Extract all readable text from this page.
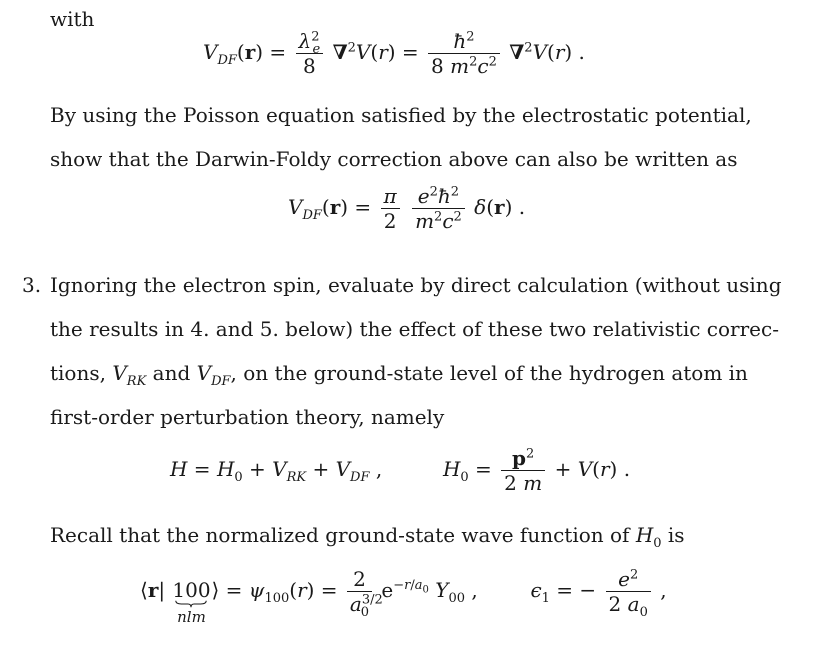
with
$V_{DF}(r) = \frac{\lambda^2_e}{8} \nabla^2V(r) = \frac{ħ^2}{8 m^2c^2} \nabla^2V(r)$ .
By using the Poisson equation satisfied by the electrostatic potential,
show that the Darwin-Foldy correction above can also be written as
$V_{DF}(r) = \frac{\pi}{2}$
$\frac{e^2ħ^2}{m^2c^2} \delta(r)$ .
3. Ignoring the electron spin, evaluate by direct calculation (without using
the results in 4. and 5. below) the effect of these two relativistic correc-
tions, $V_{RK}$ and $V_{DF}$, on the ground-state level of the hydrogen atom in
first-order perturbation theory, namely
$H = H_0 + V_{RK} + V_{DF}$ ,	$H_0 = \frac{p^2}{2 m} + V(r)$ .
Recall that the normalized ground-state wave function of $H_0$ is
⟨r| 100
nlm
⟩ = $\psi_{100}(r) = \frac{2}{a^{3/2}_0} e^{-r/a_0}$ $Y_{00}$ ,  $\epsilon_1$ = − $\frac{e^2}{2 a_0}$ ,
